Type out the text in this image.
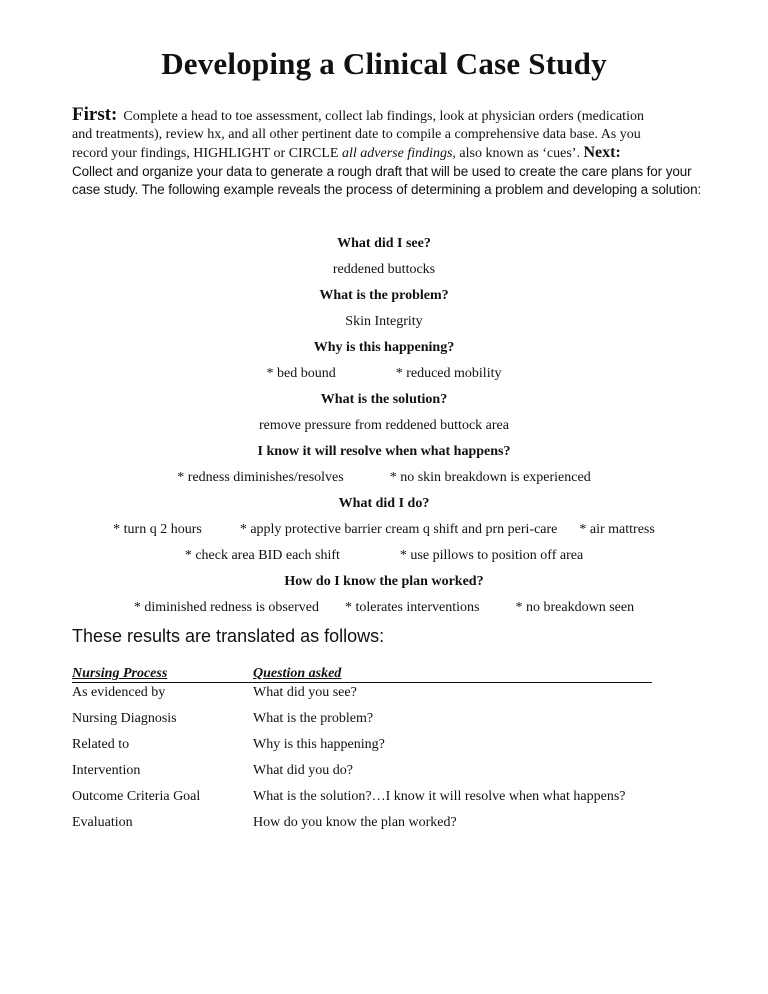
Developing a Clinical Case Study
First: Complete a head to toe assessment, collect lab findings, look at physician orders (medication
and treatments), review hx, and all other pertinent date to compile a comprehensive data base. As you
record your findings, HIGHLIGHT or CIRCLE all adverse findings, also known as ‘cues’. Next:
Collect and organize your data to generate a rough draft that will be used to create the care plans for your case study. The following example reveals the process of determining a problem and developing a solution:
What did I see?
reddened buttocks
What is the problem?
Skin Integrity
Why is this happening?
* bed bound	* reduced mobility
What is the solution?
remove pressure from reddened buttock area
I know it will resolve when what happens?
* redness diminishes/resolves	* no skin breakdown is experienced
What did I do?
* turn q 2 hours	* apply protective barrier cream q shift and prn peri-care * air mattress
* check area BID each shift	* use pillows to position off area
How do I know the plan worked?
* diminished redness is observed * tolerates interventions	* no breakdown seen
These results are translated as follows:
Nursing Process	Question asked
As evidenced by	What did you see?
Nursing Diagnosis	What is the problem?
Related to	Why is this happening?
Intervention	What did you do?
Outcome Criteria Goal	What is the solution?…I know it will resolve when what happens?
Evaluation	How do you know the plan worked?
